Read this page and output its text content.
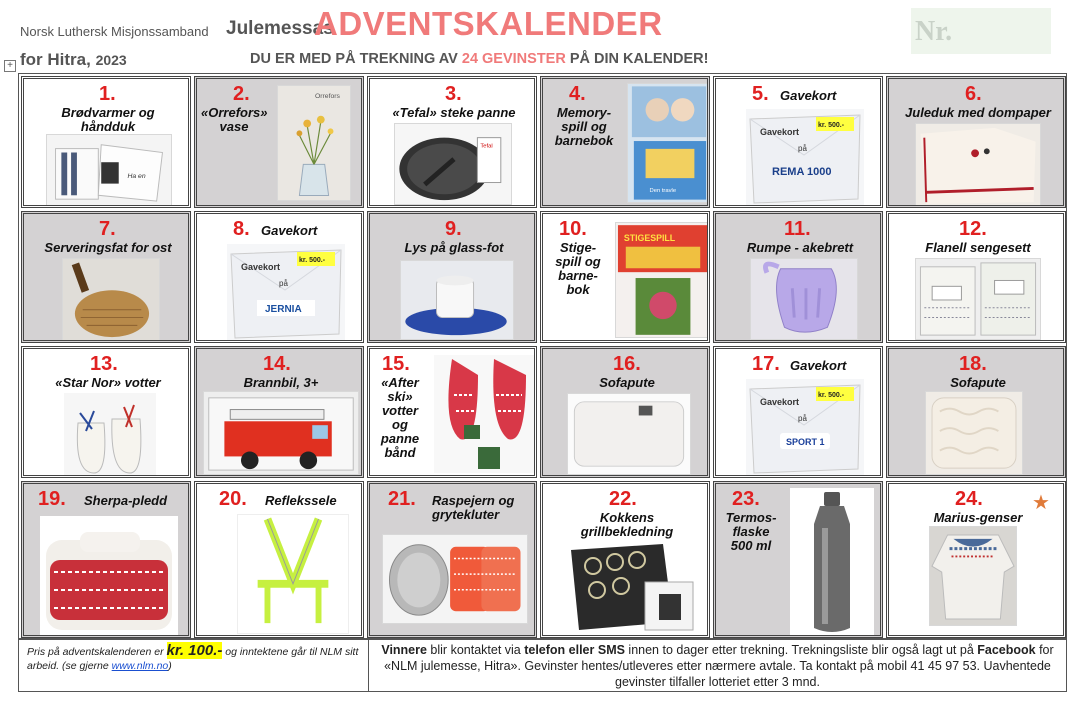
Norsk Luthersk Misjonssamband Julemessas
ADVENTSKALENDER
for Hitra, 2023	DU ER MED PÅ TREKNING AV 24 GEVINSTER PÅ DIN KALENDER!
Nr.
+
1.
Brødvarmer og
håndduk
Ha en
2.
«Orrefors»
vase
Orrefors	3.
«Tefal» steke panne
Tefal
4.
Memory-
spill og
barnebok
Den travle
5. Gavekort
Gavekort
kr. 500.-
på
REMA 1000
6.
Juleduk med dompaper
7.
Serveringsfat for ost
8. Gavekort
Gavekort
kr. 500.-
på
JERNIA
9.
Lys på glass-fot
10.
Stige-
spill og
barne-
bok
STIGESPILL	11.
Rumpe - akebrett
12.
Flanell sengesett
13.
«Star Nor» votter
14.
Brannbil, 3+
15.
«After
ski»
votter
og
panne
bånd
16.
Sofapute
17. Gavekort
Gavekort
kr. 500.-
på
SPORT 1
18.
Sofapute
19. Sherpa-pledd	20. Reflekssele	21. Raspejern og
grytekluter
22.
Kokkens
grillbekledning
23.
Termos-
flaske
500 ml
24. ★
Marius-genser
Pris på adventskalenderen er kr. 100.- og inntektene går til NLM sitt arbeid. (se gjerne www.nlm.no)
Vinnere blir kontaktet via telefon eller SMS innen to dager etter trekning. Trekningsliste blir også lagt ut på Facebook for «NLM julemesse, Hitra». Gevinster hentes/utleveres etter nærmere avtale. Ta kontakt på mobil 41 45 97 53. Uavhentede gevinster tilfaller lotteriet etter 3 mnd.
